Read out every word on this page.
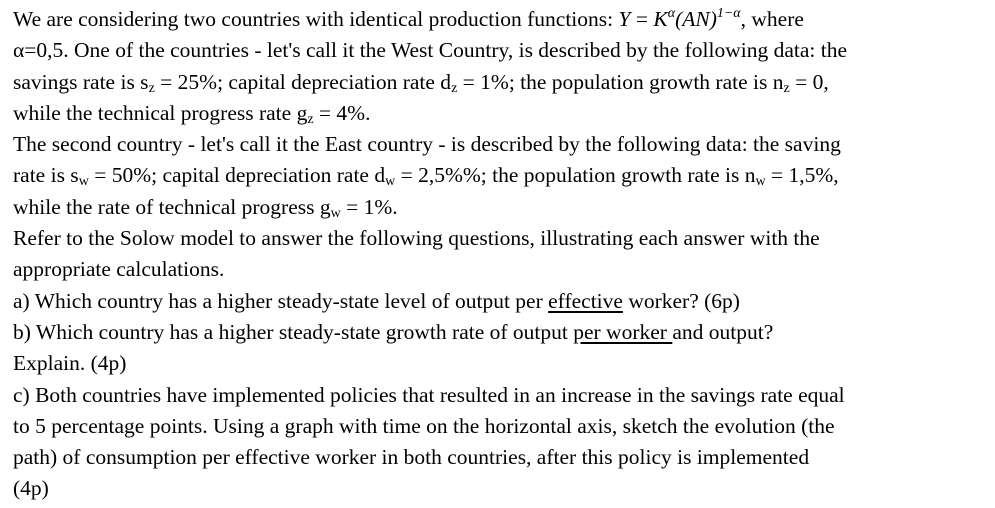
We are considering two countries with identical production functions: $Y = K^\alpha(AN)^{1-\alpha}$, where
α=0,5. One of the countries - let's call it the West Country, is described by the following data: the
savings rate is $s_z = 25\%$; capital depreciation rate $d_z = 1\%$; the population growth rate is $n_z = 0$,
while the technical progress rate $g_z = 4\%$.
The second country - let's call it the East country - is described by the following data: the saving
rate is $s_w = 50\%$; capital depreciation rate $d_w = 2,5\%\%$; the population growth rate is $n_w = 1,5\%$,
while the rate of technical progress $g_w = 1\%$.
Refer to the Solow model to answer the following questions, illustrating each answer with the
appropriate calculations.
a) Which country has a higher steady-state level of output per effective worker? (6p)
b) Which country has a higher steady-state growth rate of output per worker and output?
Explain. (4p)
c) Both countries have implemented policies that resulted in an increase in the savings rate equal
to 5 percentage points. Using a graph with time on the horizontal axis, sketch the evolution (the
path) of consumption per effective worker in both countries, after this policy is implemented
(4p)
